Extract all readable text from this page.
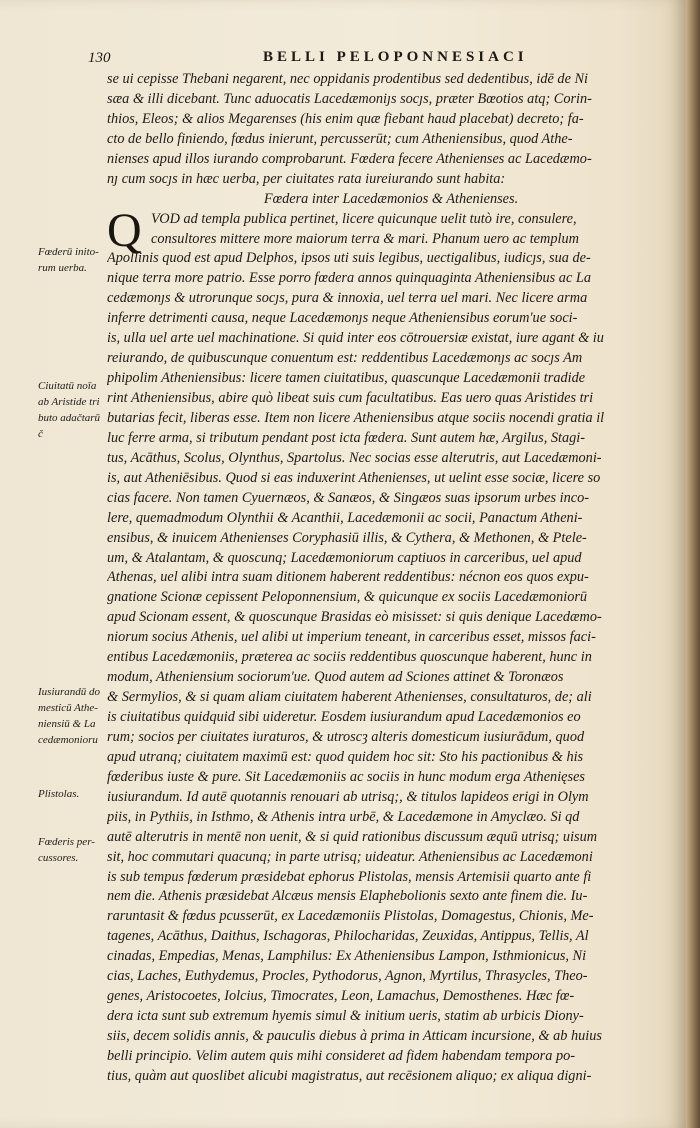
130	BELLI PELOPONNESIACI
se ui cepisse Thebani negarent, nec oppidanis prodentibus sed dedentibus, idē de Ni
sæa & illi dicebant. Tunc aduocatis Lacedæmoniȷs socȷs, præter Bœotios atq; Corin-
thios, Eleos; & alios Megarenses (his enim quæ fiebant haud placebat) decreto; fa-
cto de bello finiendo, fœdus inierunt, percusserūt; cum Atheniensibus, quod Athe-
nienses apud illos iurando comprobarunt. Fœdera fecere Athenienses ac Lacedæmo-
nȷ cum socȷs in hæc uerba, per ciuitates rata iureiurando sunt habita:
Fœdera inter Lacedæmonios & Athenienses.
Q VOD ad templa publica pertinet, licere quicunque uelit tutò ire, consulere,
consultores mittere more maiorum terra & mari. Phanum uero ac templum
Apollinis quod est apud Delphos, ipsos uti suis legibus, uectigalibus, iudicȷs, sua de-
nique terra more patrio. Esse porro fœdera annos quinquaginta Atheniensibus ac La
cedæmonȷs & utrorunque socȷs, pura & innoxia, uel terra uel mari. Nec licere arma
inferre detrimenti causa, neque Lacedæmonȷs neque Atheniensibus eorum'ue soci-
is, ulla uel arte uel machinatione. Si quid inter eos cōtrouersiæ existat, iure agant & iu
reiurando, de quibuscunque conuentum est: reddentibus Lacedæmonȷs ac socȷs Am
phipolim Atheniensibus: licere tamen ciuitatibus, quascunque Lacedæmonii tradide
rint Atheniensibus, abire quò libeat suis cum facultatibus. Eas uero quas Aristides tri
butarias fecit, liberas esse. Item non licere Atheniensibus atque sociis nocendi gratia il
luc ferre arma, si tributum pendant post icta fœdera. Sunt autem hæ, Argilus, Stagi-
tus, Acāthus, Scolus, Olynthus, Spartolus. Nec socias esse alterutris, aut Lacedæmoni-
is, aut Atheniēsibus. Quod si eas induxerint Athenienses, ut uelint esse sociæ, licere so
cias facere. Non tamen Cyuernæos, & Sanæos, & Singæos suas ipsorum urbes inco-
lere, quemadmodum Olynthii & Acanthii, Lacedæmonii ac socii, Panactum Atheni-
ensibus, & inuicem Athenienses Coryphasiū illis, & Cythera, & Methonen, & Ptele-
um, & Atalantam, & quoscunq; Lacedæmoniorum captiuos in carceribus, uel apud
Athenas, uel alibi intra suam ditionem haberent reddentibus: nécnon eos quos expu-
gnatione Scionæ cepissent Peloponnensium, & quicunque ex sociis Lacedæmoniorū
apud Scionam essent, & quoscunque Brasidas eò misisset: si quis denique Lacedæmo-
niorum socius Athenis, uel alibi ut imperium teneant, in carceribus esset, missos faci-
entibus Lacedæmoniis, præterea ac sociis reddentibus quoscunque haberent, hunc in
modum, Atheniensium sociorum'ue. Quod autem ad Sciones attinet & Toronæos
& Sermylios, & si quam aliam ciuitatem haberent Athenienses, consultaturos, de; ali
is ciuitatibus quidquid sibi uideretur. Eosdem iusiurandum apud Lacedæmonios eo
rum; socios per ciuitates iuraturos, & utroscȝ alteris domesticum iusiurādum, quod
apud utranq; ciuitatem maximū est: quod quidem hoc sit: Sto his pactionibus & his
fœderibus iuste & pure. Sit Lacedæmoniis ac sociis in hunc modum erga Athenięses
iusiurandum. Id autē quotannis renouari ab utrisq;, & titulos lapideos erigi in Olym
piis, in Pythiis, in Isthmo, & Athenis intra urbē, & Lacedæmone in Amyclæo. Si qd
autē alterutris in mentē non uenit, & si quid rationibus discussum æquū utrisq; uisum
sit, hoc commutari quacunq; in parte utrisq; uideatur. Atheniensibus ac Lacedæmoni
is sub tempus fœderum præsidebat ephorus Plistolas, mensis Artemisii quarto ante fi
nem die. Athenis præsidebat Alcæus mensis Elaphebolionis sexto ante finem die. Iu-
raruntasit & fœdus pcusserūt, ex Lacedæmoniis Plistolas, Domagestus, Chionis, Me-
tagenes, Acāthus, Daithus, Ischagoras, Philocharidas, Zeuxidas, Antippus, Tellis, Al
cinadas, Empedias, Menas, Lamphilus: Ex Atheniensibus Lampon, Isthmionicus, Ni
cias, Laches, Euthydemus, Procles, Pythodorus, Agnon, Myrtilus, Thrasycles, Theo-
genes, Aristocoetes, Iolcius, Timocrates, Leon, Lamachus, Demosthenes. Hæc fœ-
dera icta sunt sub extremum hyemis simul & initium ueris, statim ab urbicis Diony-
siis, decem solidis annis, & pauculis diebus à prima in Atticam incursione, & ab huius
belli principio. Velim autem quis mihi consideret ad fidem habendam tempora po-
tius, quàm aut quoslibet alicubi magistratus, aut recēsionem aliquo; ex aliqua digni-
Fœderū inito-
rum uerba.
Ciuitatū noīa
ab Aristide tri
buto adačtarū
č
Iusiurandū do
mesticū Athe-
niensiū & La
cedæmonioru
Plistolas.
Fœderis per-
cussores.
